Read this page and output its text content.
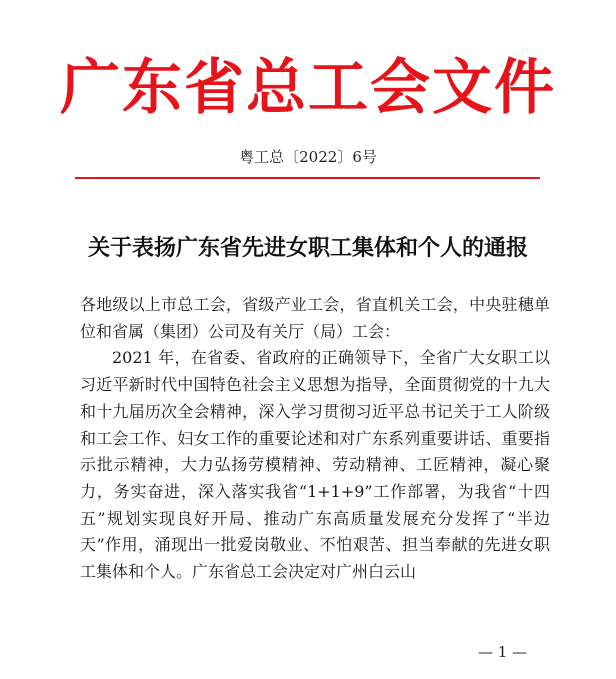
广东省总工会文件
粤工总〔2022〕6号
关于表扬广东省先进女职工集体和个人的通报

各地级以上市总工会，省级产业工会，省直机关工会，中央驻穗单位和省属（集团）公司及有关厅（局）工会：

2021 年，在省委、省政府的正确领导下，全省广大女职工以习近平新时代中国特色社会主义思想为指导，全面贯彻党的十九大和十九届历次全会精神，深入学习贯彻习近平总书记关于工人阶级和工会工作、妇女工作的重要论述和对广东系列重要讲话、重要指示批示精神，大力弘扬劳模精神、劳动精神、工匠精神，凝心聚力，务实奋进，深入落实我省“1+1+9”工作部署，为我省“十四五”规划实现良好开局、推动广东高质量发展充分发挥了“半边天”作用，涌现出一批爱岗敬业、不怕艰苦、担当奉献的先进女职工集体和个人。广东省总工会决定对广州白云山

— 1 —
